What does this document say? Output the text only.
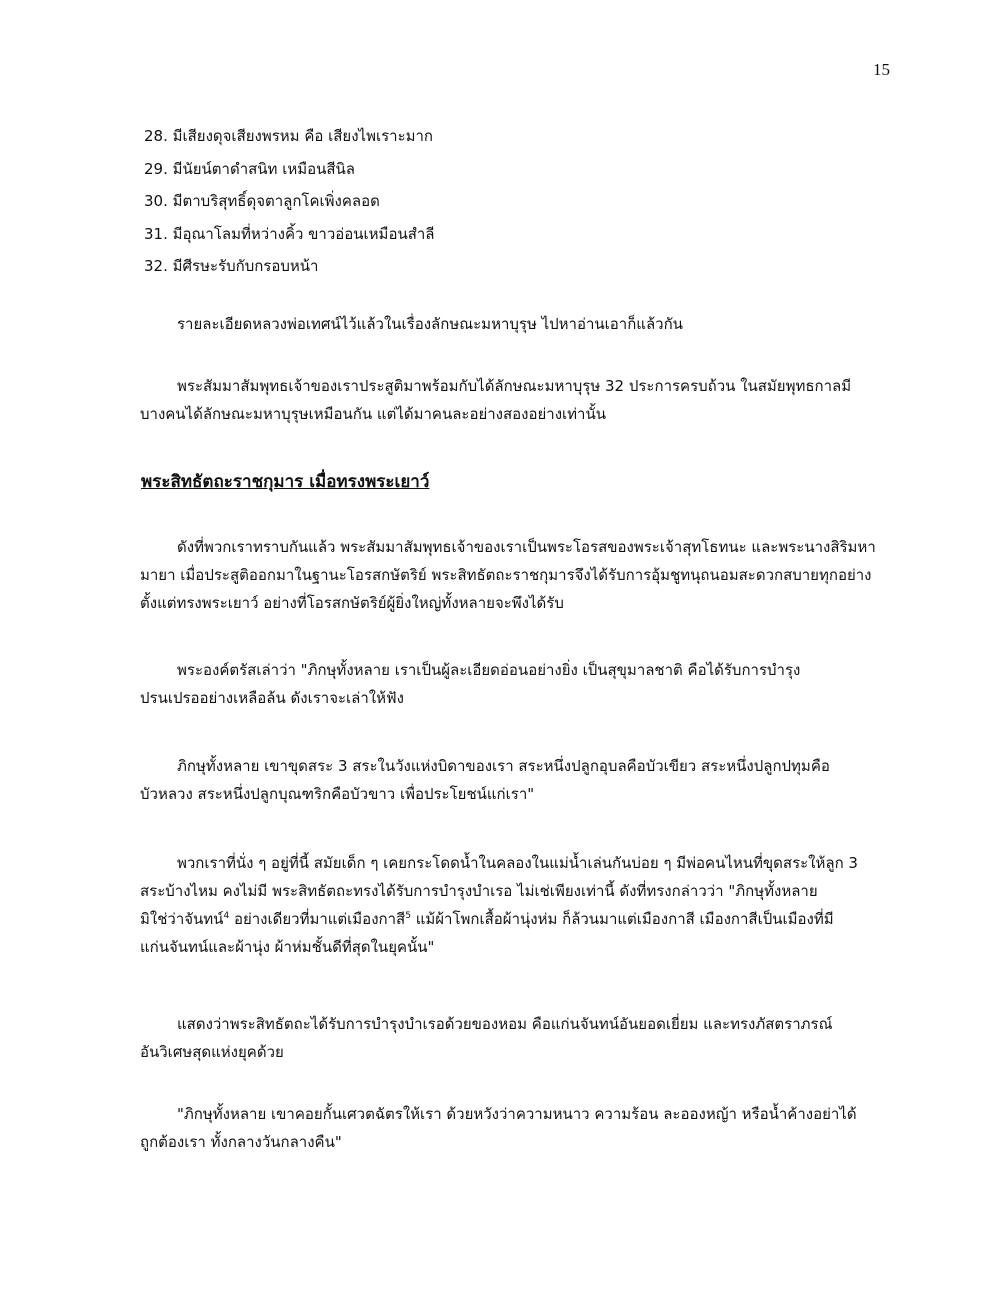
15
28. มีเสียงดุจเสียงพรหม คือ เสียงไพเราะมาก
29. มีนัยน์ตาดำสนิท เหมือนสีนิล
30. มีตาบริสุทธิ์ดุจตาลูกโคเพิ่งคลอด
31. มีอุณาโลมที่หว่างคิ้ว ขาวอ่อนเหมือนสำลี
32. มีศีรษะรับกับกรอบหน้า

รายละเอียดหลวงพ่อเทศน์ไว้แล้วในเรื่องลักษณะมหาบุรุษ ไปหาอ่านเอาก็แล้วกัน

พระสัมมาสัมพุทธเจ้าของเราประสูติมาพร้อมกับได้ลักษณะมหาบุรุษ 32 ประการครบถ้วน ในสมัยพุทธกาลมี
บางคนได้ลักษณะมหาบุรุษเหมือนกัน แต่ได้มาคนละอย่างสองอย่างเท่านั้น

พระสิทธัตถะราชกุมาร เมื่อทรงพระเยาว์

ดังที่พวกเราทราบกันแล้ว พระสัมมาสัมพุทธเจ้าของเราเป็นพระโอรสของพระเจ้าสุทโธทนะ และพระนางสิริมหา
มายา เมื่อประสูติออกมาในฐานะโอรสกษัตริย์ พระสิทธัตถะราชกุมารจึงได้รับการอุ้มชูทนุถนอมสะดวกสบายทุกอย่าง
ตั้งแต่ทรงพระเยาว์ อย่างที่โอรสกษัตริย์ผู้ยิ่งใหญ่ทั้งหลายจะพึงได้รับ

พระองค์ตรัสเล่าว่า "ภิกษุทั้งหลาย เราเป็นผู้ละเอียดอ่อนอย่างยิ่ง เป็นสุขุมาลชาติ คือได้รับการบำรุง
ปรนเปรออย่างเหลือล้น ดังเราจะเล่าให้ฟัง

ภิกษุทั้งหลาย เขาขุดสระ 3 สระในวังแห่งบิดาของเรา สระหนึ่งปลูกอุบลคือบัวเขียว สระหนึ่งปลูกปทุมคือ
บัวหลวง สระหนึ่งปลูกบุณฑริกคือบัวขาว เพื่อประโยชน์แก่เรา"

พวกเราที่นั่ง ๆ อยู่ที่นี้ สมัยเด็ก ๆ เคยกระโดดน้ำในคลองในแม่น้ำเล่นกันบ่อย ๆ มีพ่อคนไหนที่ขุดสระให้ลูก 3
สระบ้างไหม คงไม่มี พระสิทธัตถะทรงได้รับการบำรุงบำเรอ ไม่เช่เพียงเท่านี้ ดังที่ทรงกล่าวว่า "ภิกษุทั้งหลาย
มิใช่ว่าจันทน์$^4$ อย่างเดียวที่มาแต่เมืองกาสี$^5$ แม้ผ้าโพกเสื้อผ้านุ่งห่ม ก็ล้วนมาแต่เมืองกาสี เมืองกาสีเป็นเมืองที่มี
แก่นจันทน์และผ้านุ่ง ผ้าห่มชั้นดีที่สุดในยุคนั้น"

แสดงว่าพระสิทธัตถะได้รับการบำรุงบำเรอด้วยของหอม คือแก่นจันทน์อันยอดเยี่ยม และทรงภัสตราภรณ์
อันวิเศษสุดแห่งยุคด้วย

"ภิกษุทั้งหลาย เขาคอยกั้นเศวตฉัตรให้เรา ด้วยหวังว่าความหนาว ความร้อน ละอองหญ้า หรือน้ำค้างอย่าได้
ถูกต้องเรา ทั้งกลางวันกลางคืน"
